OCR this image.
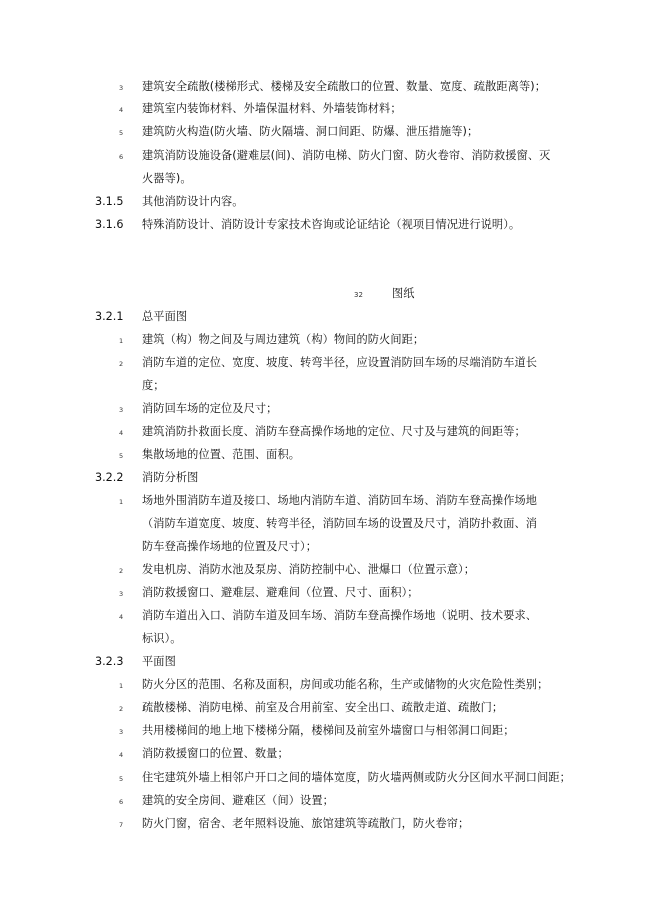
3 建筑安全疏散(楼梯形式、楼梯及安全疏散口的位置、数量、宽度、疏散距离等)；
4 建筑室内装饰材料、外墙保温材料、外墙装饰材料；
5 建筑防火构造(防火墙、防火隔墙、洞口间距、防爆、泄压措施等)；
6 建筑消防设施设备(避难层(间)、消防电梯、防火门窗、防火卷帘、消防救援窗、灭
火器等)。
3.1.5 其他消防设计内容。
3.1.6 特殊消防设计、消防设计专家技术咨询或论证结论（视项目情况进行说明）。
32	图纸
3.2.1 总平面图
1 建筑（构）物之间及与周边建筑（构）物间的防火间距；
2 消防车道的定位、宽度、坡度、转弯半径，应设置消防回车场的尽端消防车道长
度；
3 消防回车场的定位及尺寸；
4 建筑消防扑救面长度、消防车登高操作场地的定位、尺寸及与建筑的间距等；
5 集散场地的位置、范围、面积。
3.2.2 消防分析图
1 场地外围消防车道及接口、场地内消防车道、消防回车场、消防车登高操作场地
（消防车道宽度、坡度、转弯半径，消防回车场的设置及尺寸，消防扑救面、消
防车登高操作场地的位置及尺寸）；
2 发电机房、消防水池及泵房、消防控制中心、泄爆口（位置示意）；
3 消防救援窗口、避难层、避难间（位置、尺寸、面积）；
4 消防车道出入口、消防车道及回车场、消防车登高操作场地（说明、技术要求、
标识）。
3.2.3 平面图
1 防火分区的范围、名称及面积，房间或功能名称，生产或储物的火灾危险性类别；
2 疏散楼梯、消防电梯、前室及合用前室、安全出口、疏散走道、疏散门；
3 共用楼梯间的地上地下楼梯分隔，楼梯间及前室外墙窗口与相邻洞口间距；
4 消防救援窗口的位置、数量；
5 住宅建筑外墙上相邻户开口之间的墙体宽度，防火墙两侧或防火分区间水平洞口间距；
6 建筑的安全房间、避难区（间）设置；
7 防火门窗，宿舍、老年照料设施、旅馆建筑等疏散门，防火卷帘；
